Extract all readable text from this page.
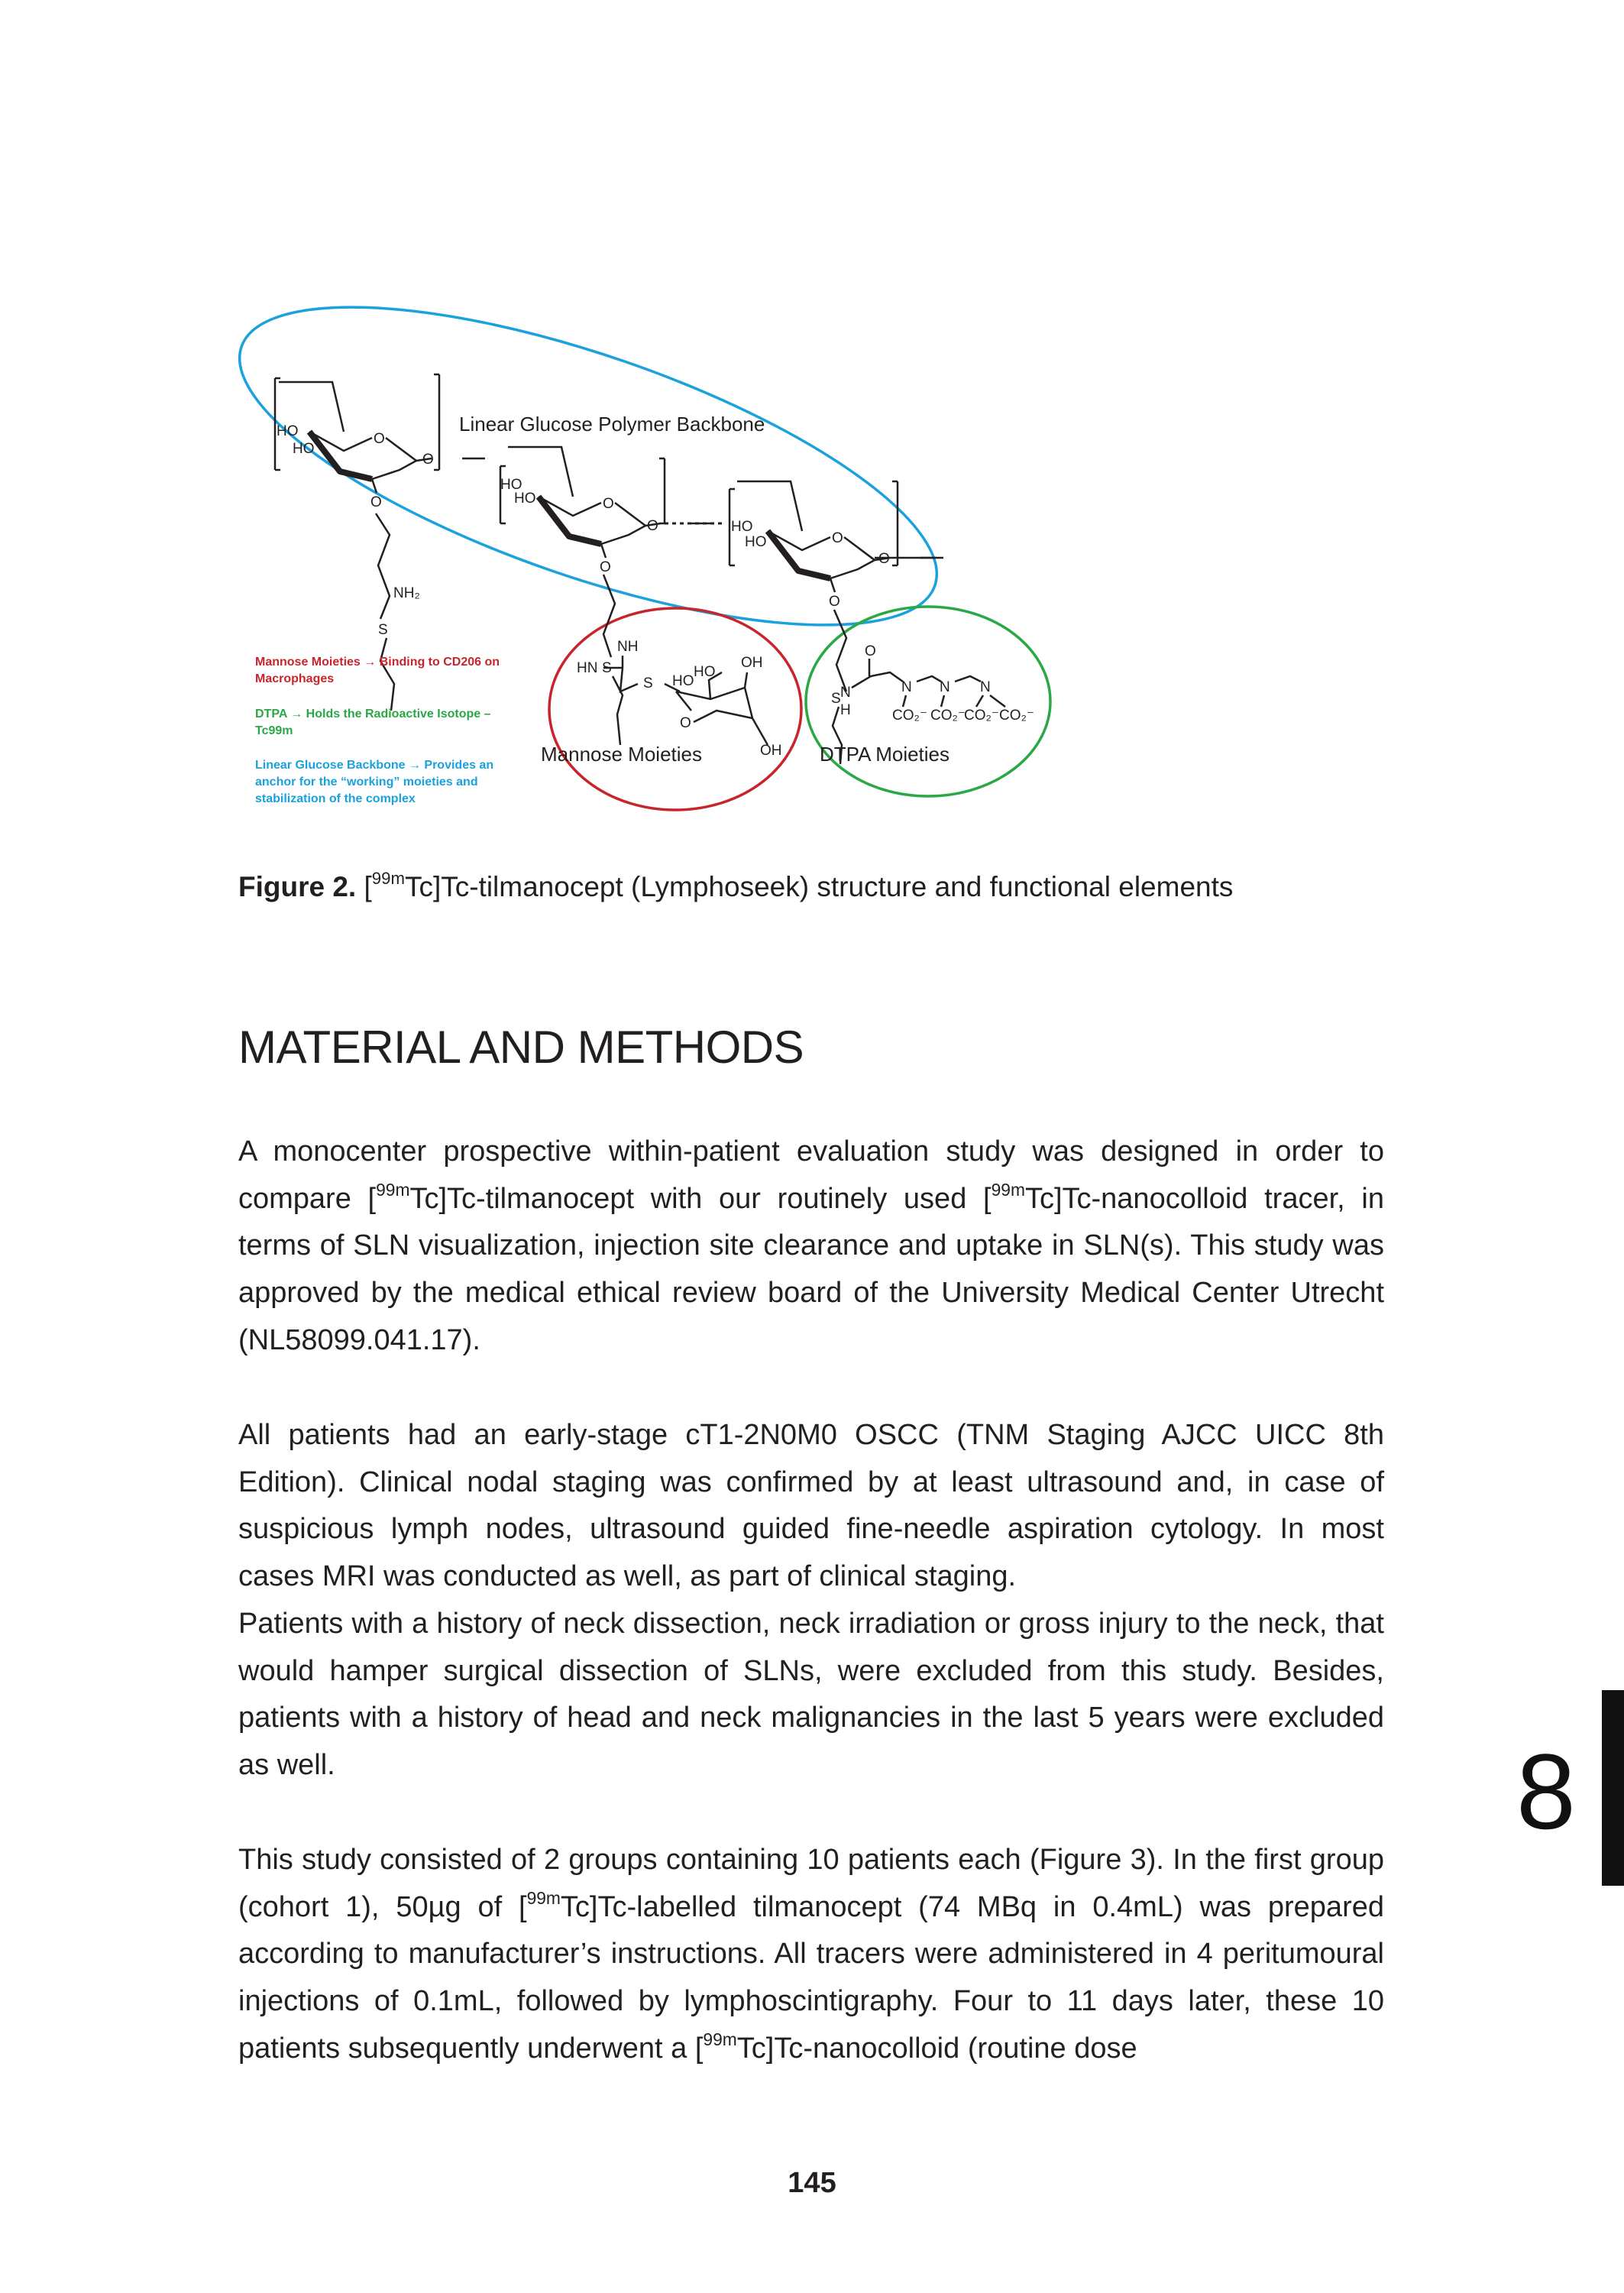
HO
HO
O
O
O
S
NH₂
HO
HO	O
O
O
S
HO
HO	O
O
O
S
NH
HN
S HO
HO
OH
O
OH
N
H
O
N N N
CO₂⁻ CO₂⁻
CO₂⁻ CO₂⁻
Linear Glucose Polymer Backbone
Mannose Moieties	DTPA Moieties
Mannose Moieties → Binding to CD206 on
Macrophages
DTPA → Holds the Radioactive Isotope –
Tc99m
Linear Glucose Backbone → Provides an
anchor for the “working” moieties and
stabilization of the complex
Figure 2. [$^{99m}$Tc]Tc-tilmanocept (Lymphoseek) structure and functional elements
MATERIAL AND METHODS

A monocenter prospective within-patient evaluation study was designed in order to compare [$^{99m}$Tc]Tc-tilmanocept with our routinely used [$^{99m}$Tc]Tc-nanocolloid tracer, in terms of SLN visualization, injection site clearance and uptake in SLN(s). This study was approved by the medical ethical review board of the University Medical Center Utrecht (NL58099.041.17).

All patients had an early-stage cT1-2N0M0 OSCC (TNM Staging AJCC UICC 8th Edition). Clinical nodal staging was confirmed by at least ultrasound and, in case of suspicious lymph nodes, ultrasound guided fine-needle aspiration cytology. In most cases MRI was conducted as well, as part of clinical staging.

Patients with a history of neck dissection, neck irradiation or gross injury to the neck, that would hamper surgical dissection of SLNs, were excluded from this study. Besides, patients with a history of head and neck malignancies in the last 5 years were excluded as well.

This study consisted of 2 groups containing 10 patients each (Figure 3). In the first group (cohort 1), 50µg of [$^{99m}$Tc]Tc-labelled tilmanocept (74 MBq in 0.4mL) was prepared according to manufacturer’s instructions. All tracers were administered in 4 peritumoural injections of 0.1mL, followed by lymphoscintigraphy. Four to 11 days later, these 10 patients subsequently underwent a [$^{99m}$Tc]Tc-nanocolloid (routine dose

8
145
